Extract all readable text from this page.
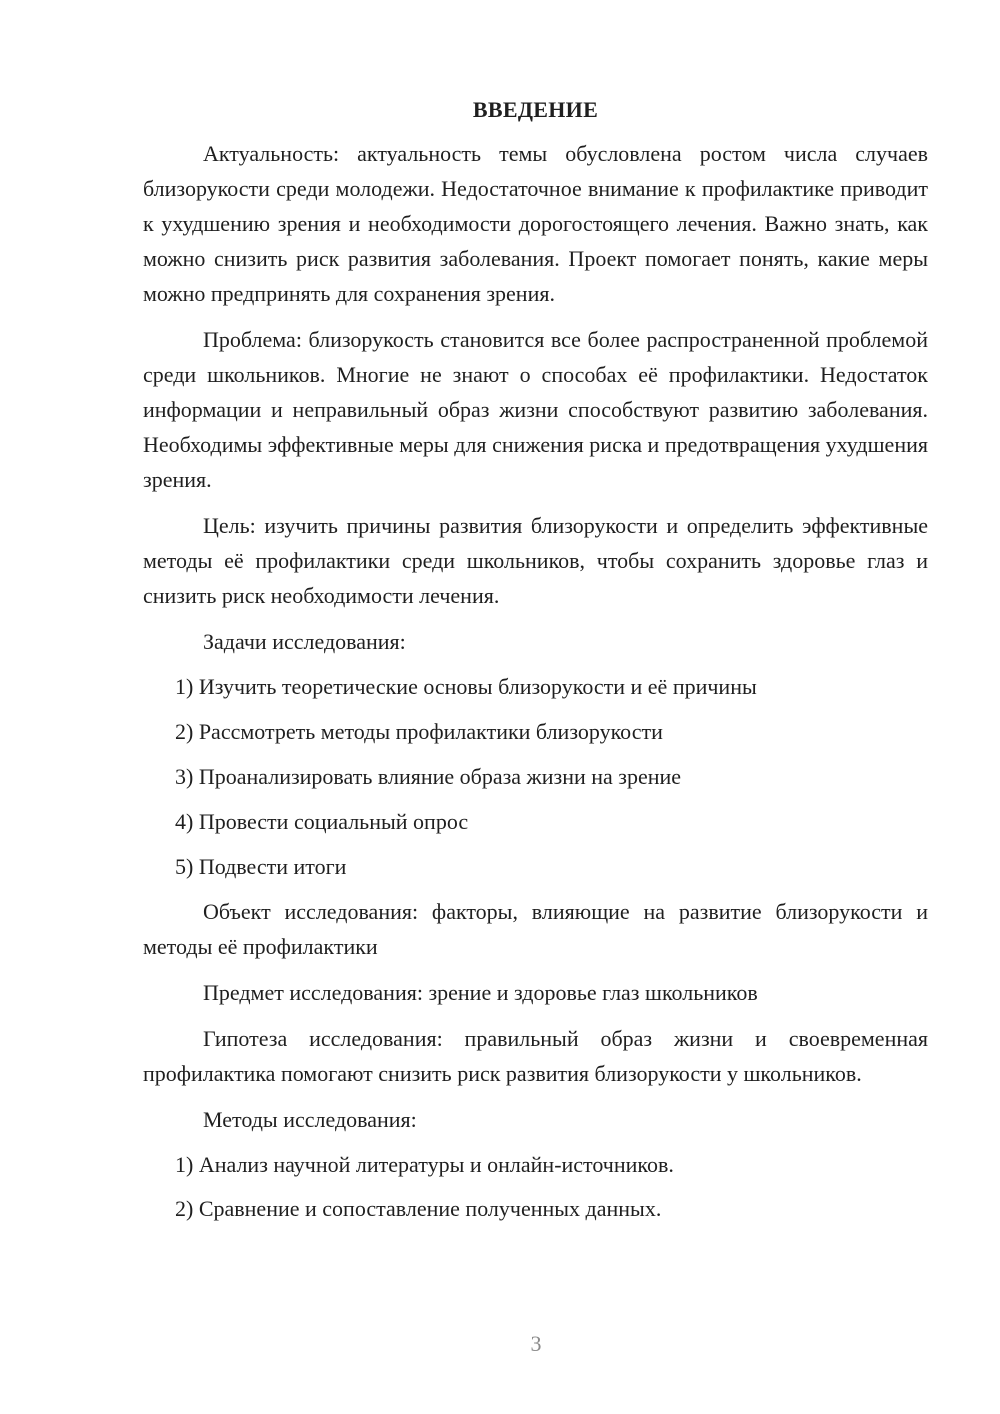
ВВЕДЕНИЕ

Актуальность: актуальность темы обусловлена ростом числа случаев близорукости среди молодежи. Недостаточное внимание к профилактике приводит к ухудшению зрения и необходимости дорогостоящего лечения. Важно знать, как можно снизить риск развития заболевания. Проект помогает понять, какие меры можно предпринять для сохранения зрения.

Проблема: близорукость становится все более распространенной проблемой среди школьников. Многие не знают о способах её профилактики. Недостаток информации и неправильный образ жизни способствуют развитию заболевания. Необходимы эффективные меры для снижения риска и предотвращения ухудшения зрения.

Цель: изучить причины развития близорукости и определить эффективные методы её профилактики среди школьников, чтобы сохранить здоровье глаз и снизить риск необходимости лечения.

Задачи исследования:

1) Изучить теоретические основы близорукости и её причины
2) Рассмотреть методы профилактики близорукости
3) Проанализировать влияние образа жизни на зрение
4) Провести социальный опрос
5) Подвести итоги

Объект исследования: факторы, влияющие на развитие близорукости и методы её профилактики

Предмет исследования: зрение и здоровье глаз школьников

Гипотеза исследования: правильный образ жизни и своевременная профилактика помогают снизить риск развития близорукости у школьников.

Методы исследования:

1) Анализ научной литературы и онлайн-источников.
2) Сравнение и сопоставление полученных данных.
3
